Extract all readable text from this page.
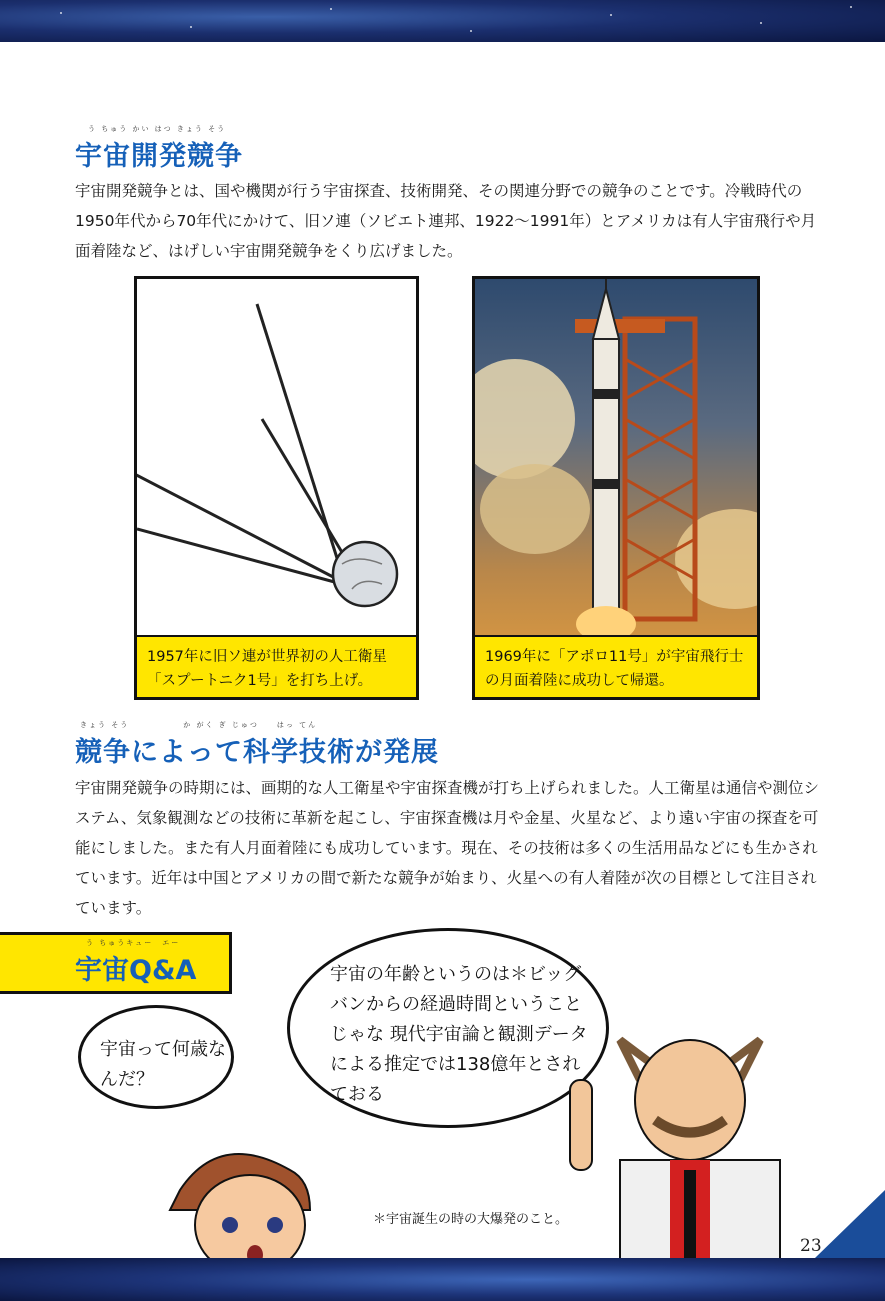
う ちゅう かい はつ きょう そう
宇宙開発競争

宇宙開発競争とは、国や機関が行う宇宙探査、技術開発、その関連分野での競争のことです。冷戦時代の1950年代から70年代にかけて、旧ソ連（ソビエト連邦、1922〜1991年）とアメリカは有人宇宙飛行や月面着陸など、はげしい宇宙開発競争をくり広げました。

1957年に旧ソ連が世界初の人工衛星「スプートニク1号」を打ち上げ。
1969年に「アポロ11号」が宇宙飛行士の月面着陸に成功して帰還。
きょう そう　　　　　　か がく ぎ じゅつ　　はっ てん
競争によって科学技術が発展

宇宙開発競争の時期には、画期的な人工衛星や宇宙探査機が打ち上げられました。人工衛星は通信や測位システム、気象観測などの技術に革新を起こし、宇宙探査機は月や金星、火星など、より遠い宇宙の探査を可能にしました。また有人月面着陸にも成功しています。現在、その技術は多くの生活用品などにも生かされています。近年は中国とアメリカの間で新たな競争が始まり、火星への有人着陸が次の目標として注目されています。

う ちゅうキュー　エー
宇宙Q&A
宇宙って何歳なんだ？
宇宙の年齢というのは＊ビッグバンからの経過時間ということじゃな 現代宇宙論と観測データによる推定では138億年とされておる
＊宇宙誕生の時の大爆発のこと。
23
